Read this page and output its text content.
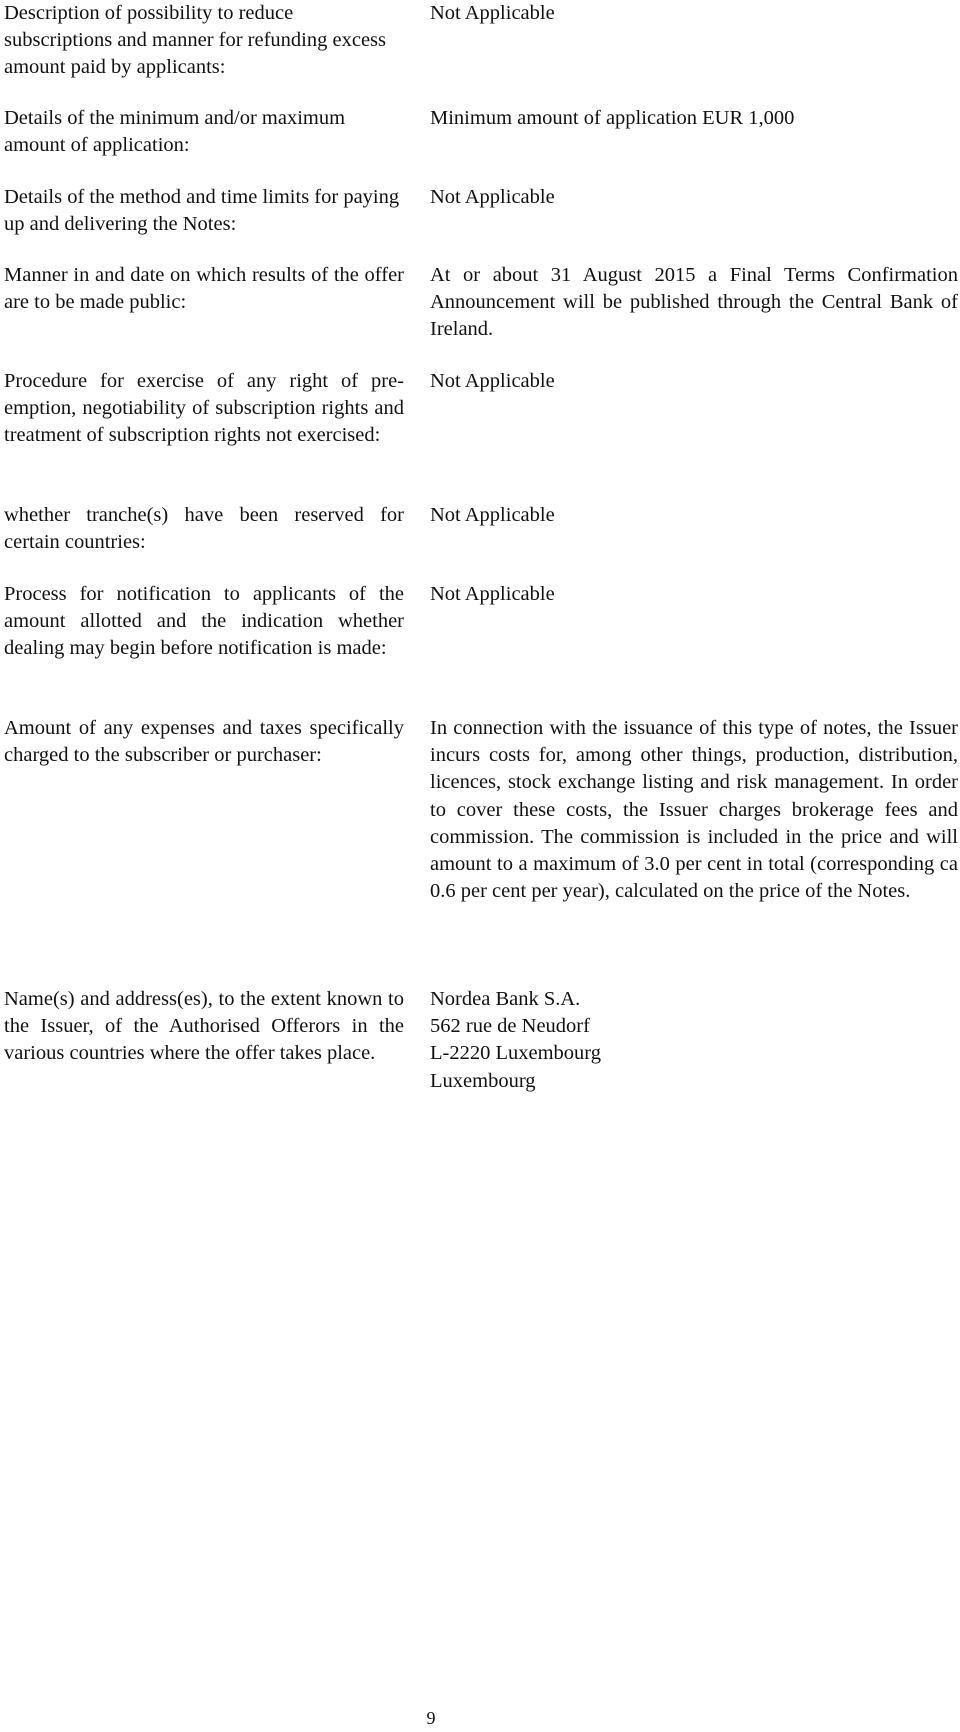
Description of possibility to reduce subscriptions and manner for refunding excess amount paid by applicants:

Not Applicable

Details of the minimum and/or maximum amount of application:

Minimum amount of application EUR 1,000

Details of the method and time limits for paying up and delivering the Notes:

Not Applicable

Manner in and date on which results of the offer are to be made public:

At or about 31 August 2015 a Final Terms Confirmation Announcement will be published through the Central Bank of Ireland.

Procedure for exercise of any right of pre-emption, negotiability of subscription rights and treatment of subscription rights not exercised:

Not Applicable

whether tranche(s) have been reserved for certain countries:

Not Applicable

Process for notification to applicants of the amount allotted and the indication whether dealing may begin before notification is made:

Not Applicable

Amount of any expenses and taxes specifically charged to the subscriber or purchaser:

In connection with the issuance of this type of notes, the Issuer incurs costs for, among other things, production, distribution, licences, stock exchange listing and risk management. In order to cover these costs, the Issuer charges brokerage fees and commission. The commission is included in the price and will amount to a maximum of 3.0 per cent in total (corresponding ca 0.6 per cent per year), calculated on the price of the Notes.

Name(s) and address(es), to the extent known to the Issuer, of the Authorised Offerors in the various countries where the offer takes place.

Nordea Bank S.A.
562 rue de Neudorf
L-2220 Luxembourg
Luxembourg

9
